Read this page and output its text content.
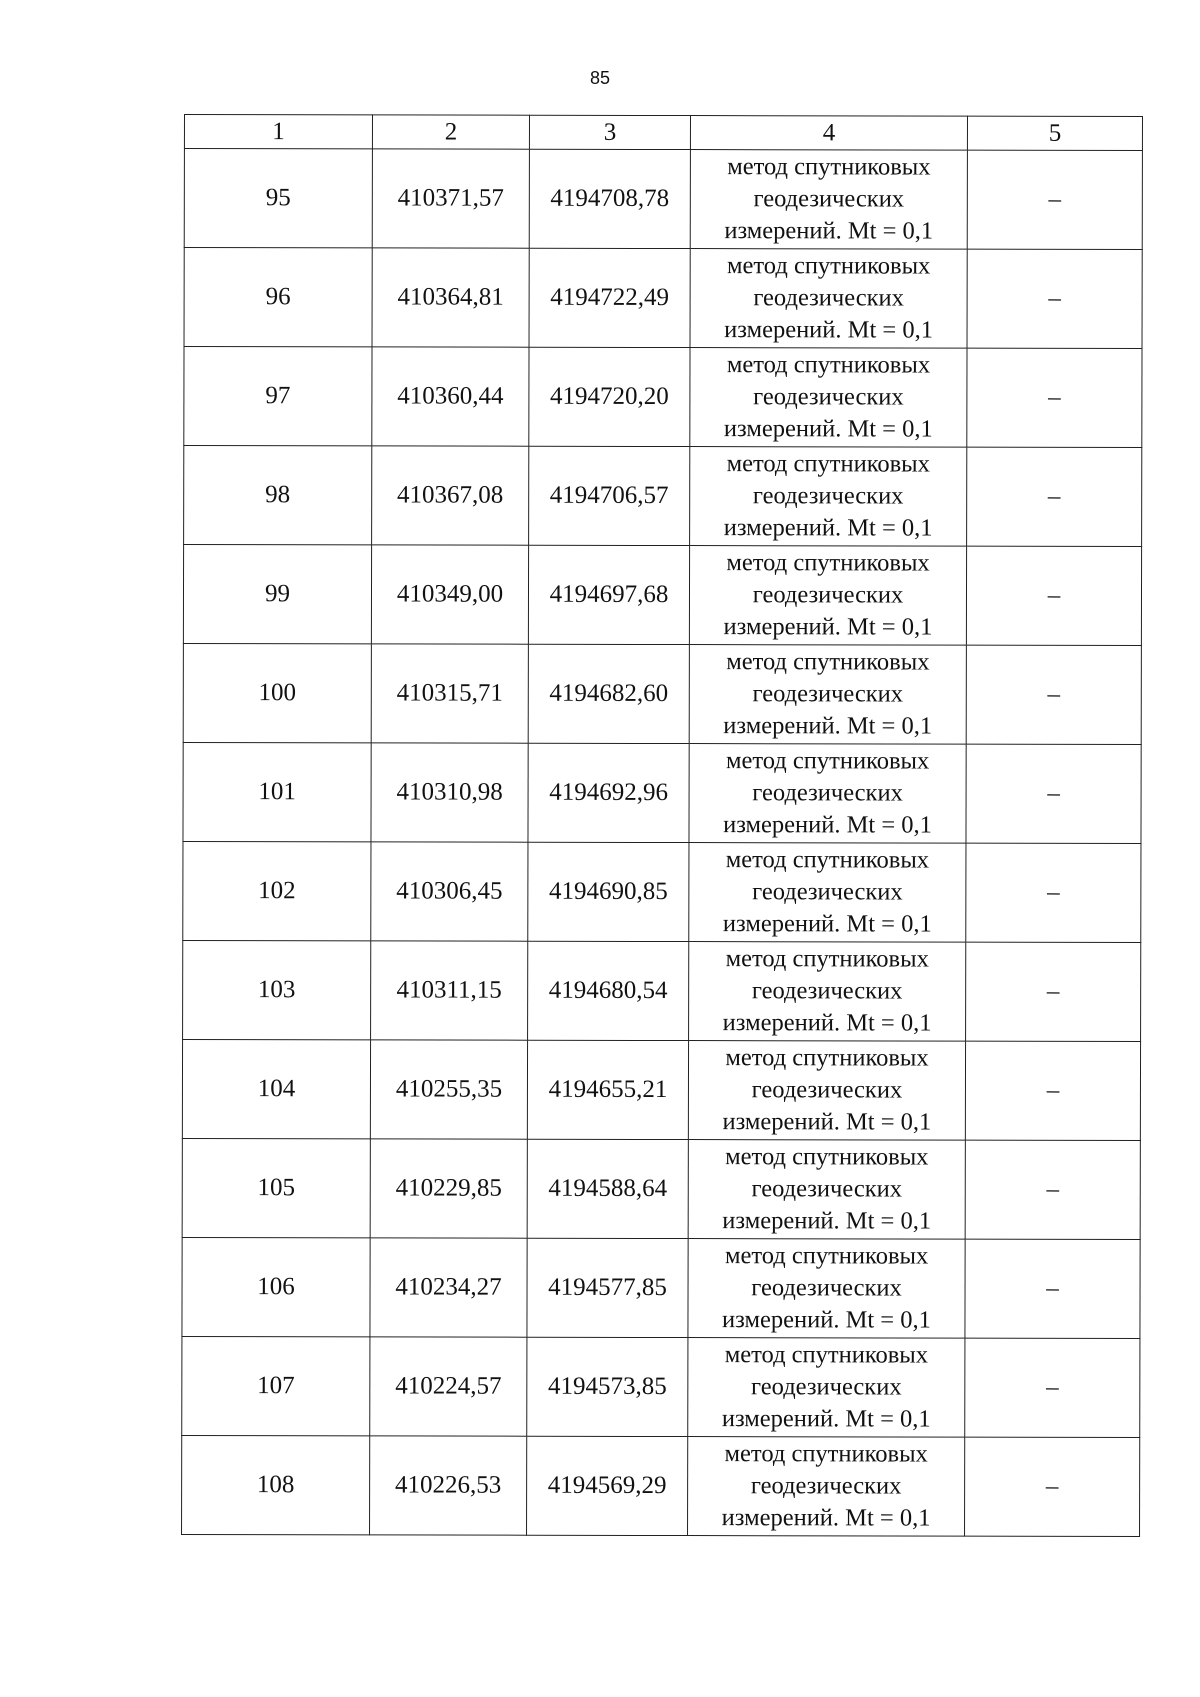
85
1	2	3	4	5
95	410371,57	4194708,78	метод спутниковых
геодезических
измерений. Mt = 0,1	–
96	410364,81	4194722,49	метод спутниковых
геодезических
измерений. Mt = 0,1	–
97	410360,44	4194720,20	метод спутниковых
геодезических
измерений. Mt = 0,1	–
98	410367,08	4194706,57	метод спутниковых
геодезических
измерений. Mt = 0,1	–
99	410349,00	4194697,68	метод спутниковых
геодезических
измерений. Mt = 0,1	–
100	410315,71	4194682,60	метод спутниковых
геодезических
измерений. Mt = 0,1	–
101	410310,98	4194692,96	метод спутниковых
геодезических
измерений. Mt = 0,1	–
102	410306,45	4194690,85	метод спутниковых
геодезических
измерений. Mt = 0,1	–
103	410311,15	4194680,54	метод спутниковых
геодезических
измерений. Mt = 0,1	–
104	410255,35	4194655,21	метод спутниковых
геодезических
измерений. Mt = 0,1	–
105	410229,85	4194588,64	метод спутниковых
геодезических
измерений. Mt = 0,1	–
106	410234,27	4194577,85	метод спутниковых
геодезических
измерений. Mt = 0,1	–
107	410224,57	4194573,85	метод спутниковых
геодезических
измерений. Mt = 0,1	–
108	410226,53	4194569,29	метод спутниковых
геодезических
измерений. Mt = 0,1	–
